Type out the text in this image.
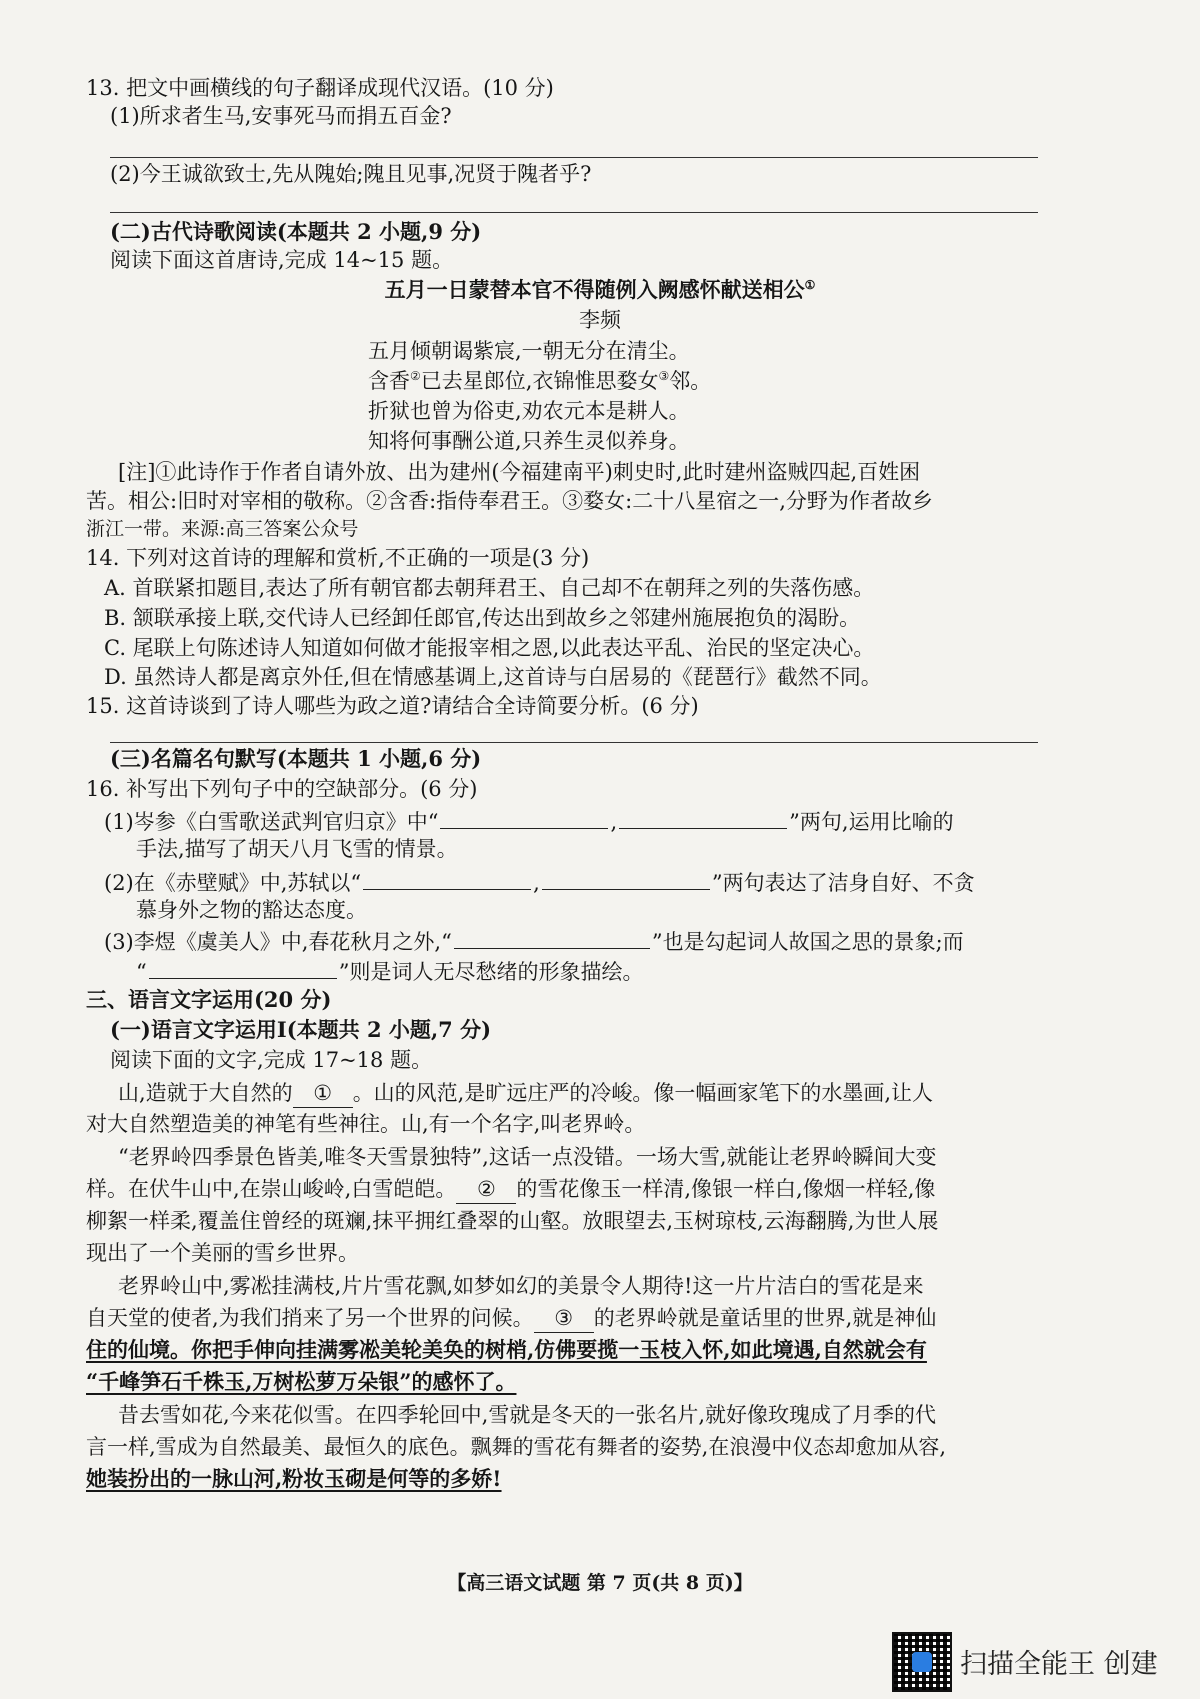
13. 把文中画横线的句子翻译成现代汉语。(10 分)
(1)所求者生马,安事死马而捐五百金?
(2)今王诚欲致士,先从隗始;隗且见事,况贤于隗者乎?
(二)古代诗歌阅读(本题共 2 小题,9 分)
阅读下面这首唐诗,完成 14~15 题。
五月一日蒙替本官不得随例入阙感怀献送相公①
李频
五月倾朝谒紫宸,一朝无分在清尘。
含香②已去星郎位,衣锦惟思婺女③邻。
折狱也曾为俗吏,劝农元本是耕人。
知将何事酬公道,只养生灵似养身。
[注]①此诗作于作者自请外放、出为建州(今福建南平)刺史时,此时建州盗贼四起,百姓困
苦。相公:旧时对宰相的敬称。②含香:指侍奉君王。③婺女:二十八星宿之一,分野为作者故乡
浙江一带。来源:高三答案公众号
14. 下列对这首诗的理解和赏析,不正确的一项是(3 分)
A. 首联紧扣题目,表达了所有朝官都去朝拜君王、自己却不在朝拜之列的失落伤感。
B. 颔联承接上联,交代诗人已经卸任郎官,传达出到故乡之邻建州施展抱负的渴盼。
C. 尾联上句陈述诗人知道如何做才能报宰相之恩,以此表达平乱、治民的坚定决心。
D. 虽然诗人都是离京外任,但在情感基调上,这首诗与白居易的《琵琶行》截然不同。
15. 这首诗谈到了诗人哪些为政之道?请结合全诗简要分析。(6 分)
(三)名篇名句默写(本题共 1 小题,6 分)
16. 补写出下列句子中的空缺部分。(6 分)
(1)岑参《白雪歌送武判官归京》中“	,	”两句,运用比喻的
手法,描写了胡天八月飞雪的情景。
(2)在《赤壁赋》中,苏轼以“	,	”两句表达了洁身自好、不贪
慕身外之物的豁达态度。
(3)李煜《虞美人》中,春花秋月之外,“	”也是勾起词人故国之思的景象;而
“	”则是词人无尽愁绪的形象描绘。
三、语言文字运用(20 分)
(一)语言文字运用Ⅰ(本题共 2 小题,7 分)
阅读下面的文字,完成 17~18 题。
山,造就于大自然的 ① 。山的风范,是旷远庄严的冷峻。像一幅画家笔下的水墨画,让人
对大自然塑造美的神笔有些神往。山,有一个名字,叫老界岭。
“老界岭四季景色皆美,唯冬天雪景独特”,这话一点没错。一场大雪,就能让老界岭瞬间大变
样。在伏牛山中,在崇山峻岭,白雪皑皑。 ② 的雪花像玉一样清,像银一样白,像烟一样轻,像
柳絮一样柔,覆盖住曾经的斑斓,抹平拥红叠翠的山壑。放眼望去,玉树琼枝,云海翻腾,为世人展
现出了一个美丽的雪乡世界。
老界岭山中,雾凇挂满枝,片片雪花飘,如梦如幻的美景令人期待!这一片片洁白的雪花是来
自天堂的使者,为我们捎来了另一个世界的问候。 ③ 的老界岭就是童话里的世界,就是神仙
住的仙境。你把手伸向挂满雾凇美轮美奂的树梢,仿佛要揽一玉枝入怀,如此境遇,自然就会有
“千峰笋石千株玉,万树松萝万朵银”的感怀了。
昔去雪如花,今来花似雪。在四季轮回中,雪就是冬天的一张名片,就好像玫瑰成了月季的代
言一样,雪成为自然最美、最恒久的底色。飘舞的雪花有舞者的姿势,在浪漫中仪态却愈加从容,
她装扮出的一脉山河,粉妆玉砌是何等的多娇!
【高三语文试题 第 7 页(共 8 页)】
扫描全能王 创建
